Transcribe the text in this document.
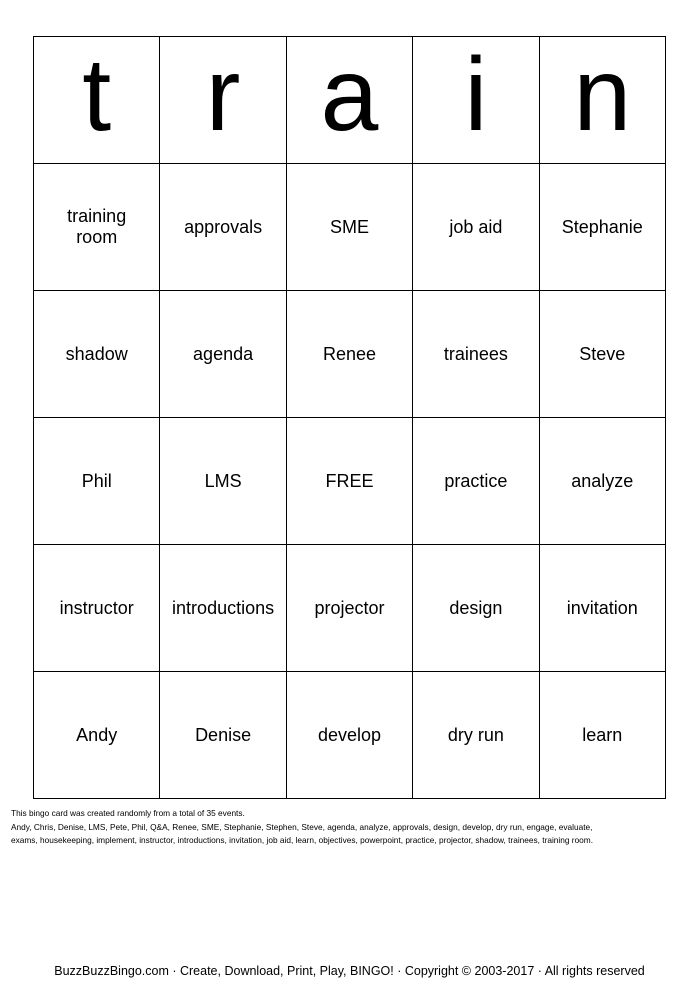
t	r	a	i	n
training room	approvals	SME	job aid	Stephanie
shadow	agenda	Renee	trainees	Steve
Phil	LMS	FREE	practice	analyze
instructor	introductions	projector	design	invitation
Andy	Denise	develop	dry run	learn
This bingo card was created randomly from a total of 35 events.
Andy, Chris, Denise, LMS, Pete, Phil, Q&A, Renee, SME, Stephanie, Stephen, Steve, agenda, analyze, approvals, design, develop, dry run, engage, evaluate,
exams, housekeeping, implement, instructor, introductions, invitation, job aid, learn, objectives, powerpoint, practice, projector, shadow, trainees, training room.
BuzzBuzzBingo.com · Create, Download, Print, Play, BINGO! · Copyright © 2003-2017 · All rights reserved
